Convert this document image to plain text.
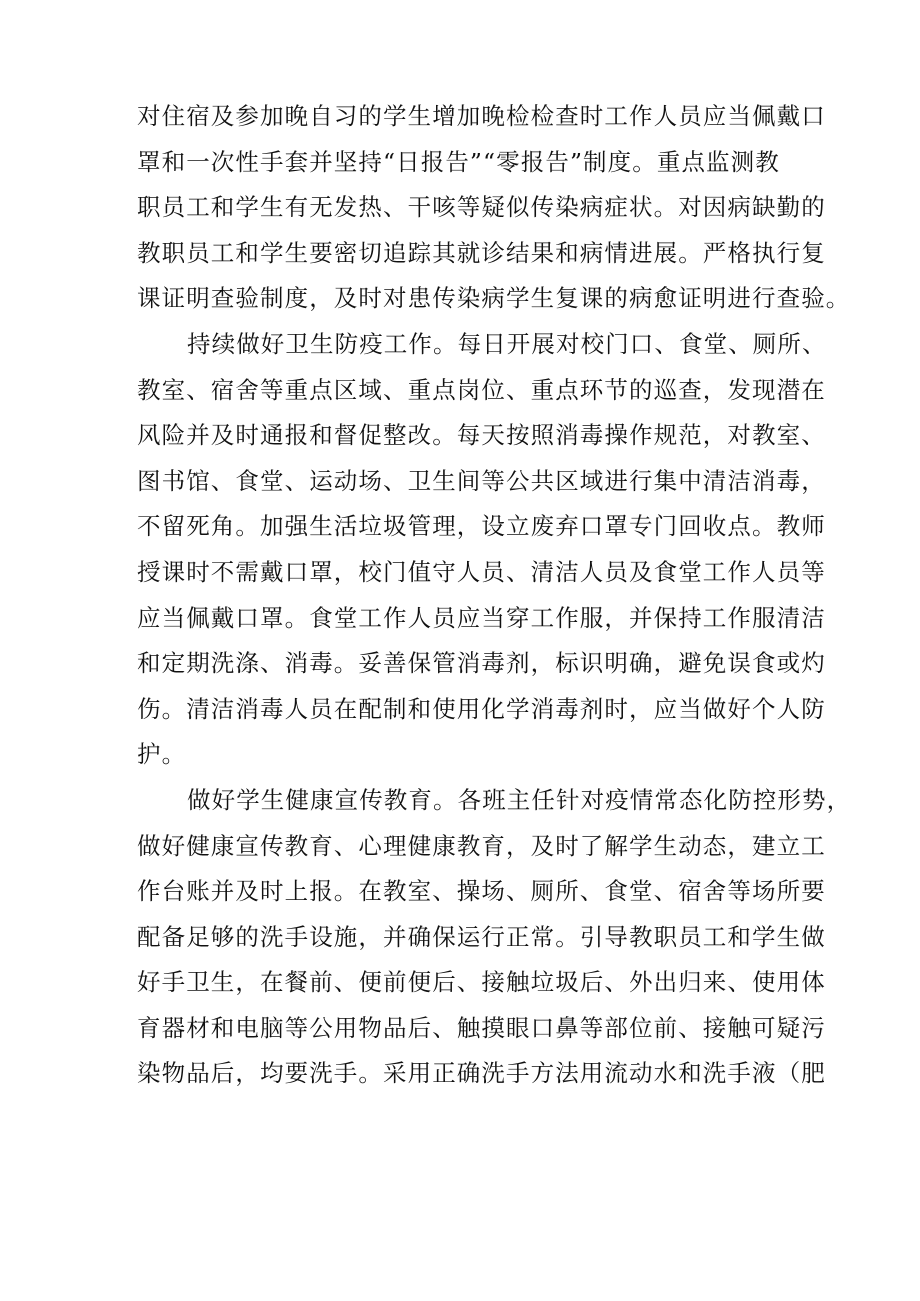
对住宿及参加晚自习的学生增加晚检检查时工作人员应当佩戴口
罩和一次性手套并坚持“日报告”“零报告”制度。重点监测教
职员工和学生有无发热、干咳等疑似传染病症状。对因病缺勤的
教职员工和学生要密切追踪其就诊结果和病情进展。严格执行复
课证明查验制度，及时对患传染病学生复课的病愈证明进行查验。
持续做好卫生防疫工作。每日开展对校门口、食堂、厕所、
教室、宿舍等重点区域、重点岗位、重点环节的巡查，发现潜在
风险并及时通报和督促整改。每天按照消毒操作规范，对教室、
图书馆、食堂、运动场、卫生间等公共区域进行集中清洁消毒，
不留死角。加强生活垃圾管理，设立废弃口罩专门回收点。教师
授课时不需戴口罩，校门值守人员、清洁人员及食堂工作人员等
应当佩戴口罩。食堂工作人员应当穿工作服，并保持工作服清洁
和定期洗涤、消毒。妥善保管消毒剂，标识明确，避免误食或灼
伤。清洁消毒人员在配制和使用化学消毒剂时，应当做好个人防
护。
做好学生健康宣传教育。各班主任针对疫情常态化防控形势，
做好健康宣传教育、心理健康教育，及时了解学生动态，建立工
作台账并及时上报。在教室、操场、厕所、食堂、宿舍等场所要
配备足够的洗手设施，并确保运行正常。引导教职员工和学生做
好手卫生，在餐前、便前便后、接触垃圾后、外出归来、使用体
育器材和电脑等公用物品后、触摸眼口鼻等部位前、接触可疑污
染物品后，均要洗手。采用正确洗手方法用流动水和洗手液（肥
